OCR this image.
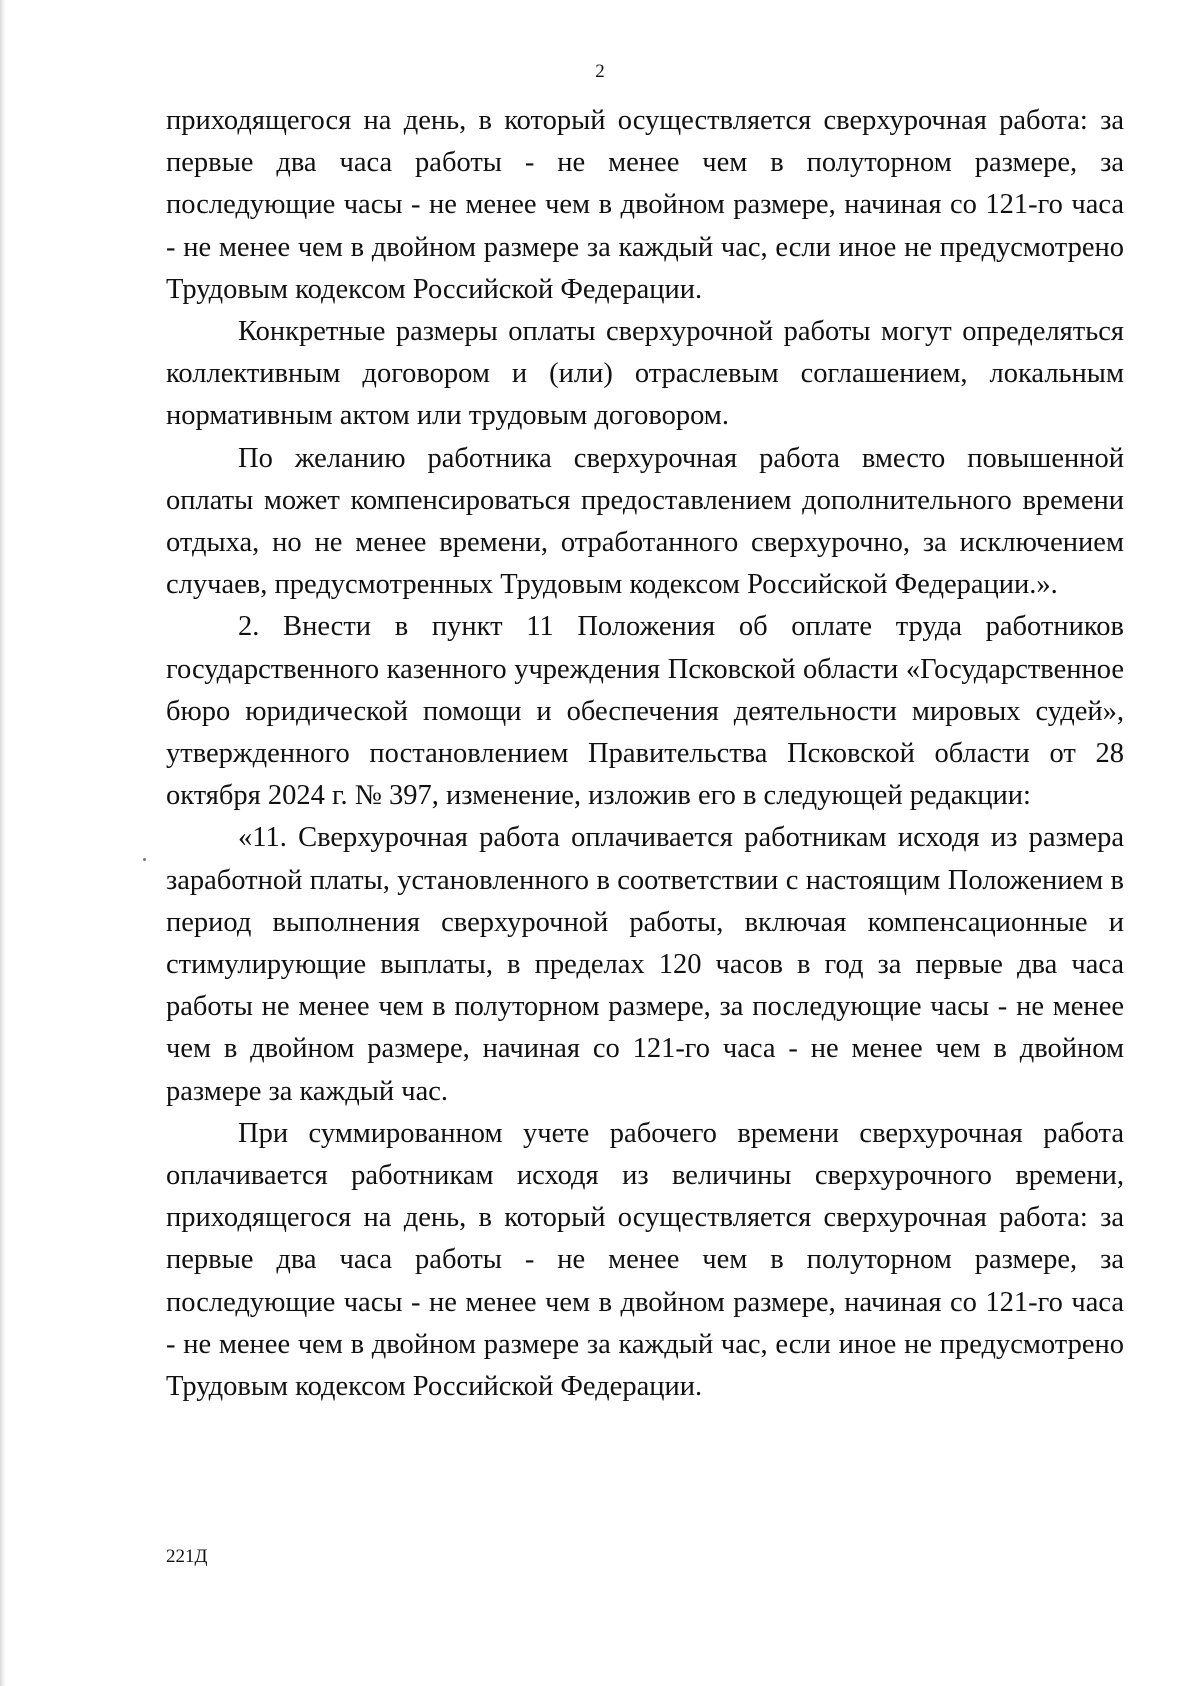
2

приходящегося на день, в который осуществляется сверхурочная работа: за первые два часа работы - не менее чем в полуторном размере, за последующие часы - не менее чем в двойном размере, начиная со 121-го часа - не менее чем в двойном размере за каждый час, если иное не предусмотрено Трудовым кодексом Российской Федерации.

Конкретные размеры оплаты сверхурочной работы могут определяться коллективным договором и (или) отраслевым соглашением, локальным нормативным актом или трудовым договором.

По желанию работника сверхурочная работа вместо повышенной оплаты может компенсироваться предоставлением дополнительного времени отдыха, но не менее времени, отработанного сверхурочно, за исключением случаев, предусмотренных Трудовым кодексом Российской Федерации.».

2. Внести в пункт 11 Положения об оплате труда работников государственного казенного учреждения Псковской области «Государственное бюро юридической помощи и обеспечения деятельности мировых судей», утвержденного постановлением Правительства Псковской области от 28 октября 2024 г. № 397, изменение, изложив его в следующей редакции:

«11. Сверхурочная работа оплачивается работникам исходя из размера заработной платы, установленного в соответствии с настоящим Положением в период выполнения сверхурочной работы, включая компенсационные и стимулирующие выплаты, в пределах 120 часов в год за первые два часа работы не менее чем в полуторном размере, за последующие часы - не менее чем в двойном размере, начиная со 121-го часа - не менее чем в двойном размере за каждый час.

При суммированном учете рабочего времени сверхурочная работа оплачивается работникам исходя из величины сверхурочного времени, приходящегося на день, в который осуществляется сверхурочная работа: за первые два часа работы - не менее чем в полуторном размере, за последующие часы - не менее чем в двойном размере, начиная со 121-го часа - не менее чем в двойном размере за каждый час, если иное не предусмотрено Трудовым кодексом Российской Федерации.

221Д
